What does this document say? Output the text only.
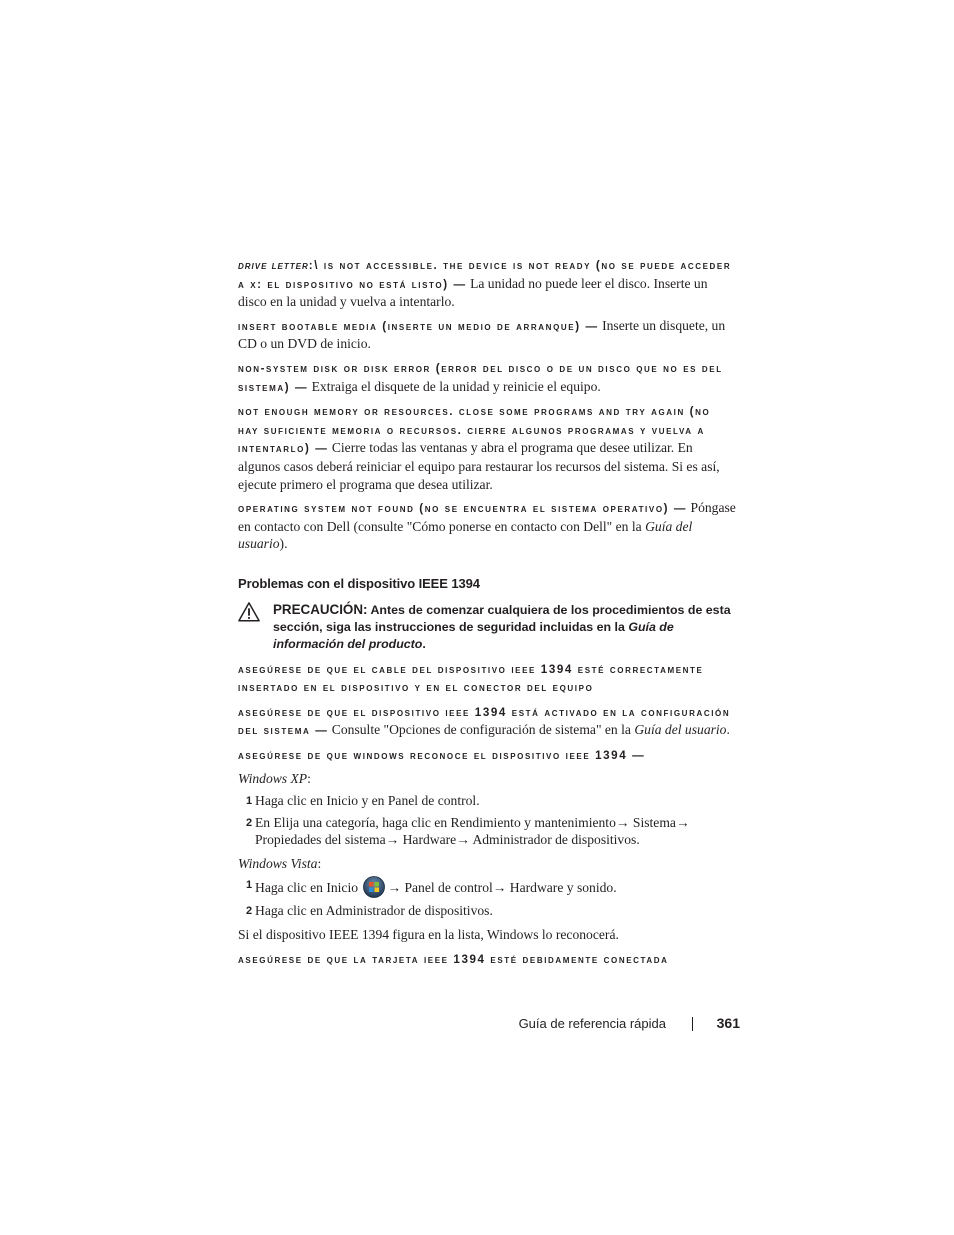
drive letter:\ is not accessible. the device is not ready (no se puede acceder a x: el dispositivo no está listo) — La unidad no puede leer el disco. Inserte un disco en la unidad y vuelva a intentarlo.

insert bootable media (inserte un medio de arranque) — Inserte un disquete, un CD o un DVD de inicio.

non-system disk or disk error (error del disco o de un disco que no es del sistema) — Extraiga el disquete de la unidad y reinicie el equipo.

not enough memory or resources. close some programs and try again (no hay suficiente memoria o recursos. cierre algunos programas y vuelva a intentarlo) — Cierre todas las ventanas y abra el programa que desee utilizar. En algunos casos deberá reiniciar el equipo para restaurar los recursos del sistema. Si es así, ejecute primero el programa que desea utilizar.

operating system not found (no se encuentra el sistema operativo) — Póngase en contacto con Dell (consulte "Cómo ponerse en contacto con Dell" en la Guía del usuario).

Problemas con el dispositivo IEEE 1394
PRECAUCIÓN: Antes de comenzar cualquiera de los procedimientos de esta sección, siga las instrucciones de seguridad incluidas en la Guía de información del producto.

asegúrese de que el cable del dispositivo ieee 1394 esté correctamente insertado en el dispositivo y en el conector del equipo

asegúrese de que el dispositivo ieee 1394 está activado en la configuración del sistema — Consulte "Opciones de configuración de sistema" en la Guía del usuario.

asegúrese de que windows reconoce el dispositivo ieee 1394 —

Windows XP:

1 Haga clic en Inicio y en Panel de control.
2 En Elija una categoría, haga clic en Rendimiento y mantenimiento→ Sistema→ Propiedades del sistema→ Hardware→ Administrador de dispositivos.

Windows Vista:

1 Haga clic en Inicio → Panel de control→ Hardware y sonido.
2 Haga clic en Administrador de dispositivos.

Si el dispositivo IEEE 1394 figura en la lista, Windows lo reconocerá.

asegúrese de que la tarjeta ieee 1394 esté debidamente conectada

Guía de referencia rápida	361
